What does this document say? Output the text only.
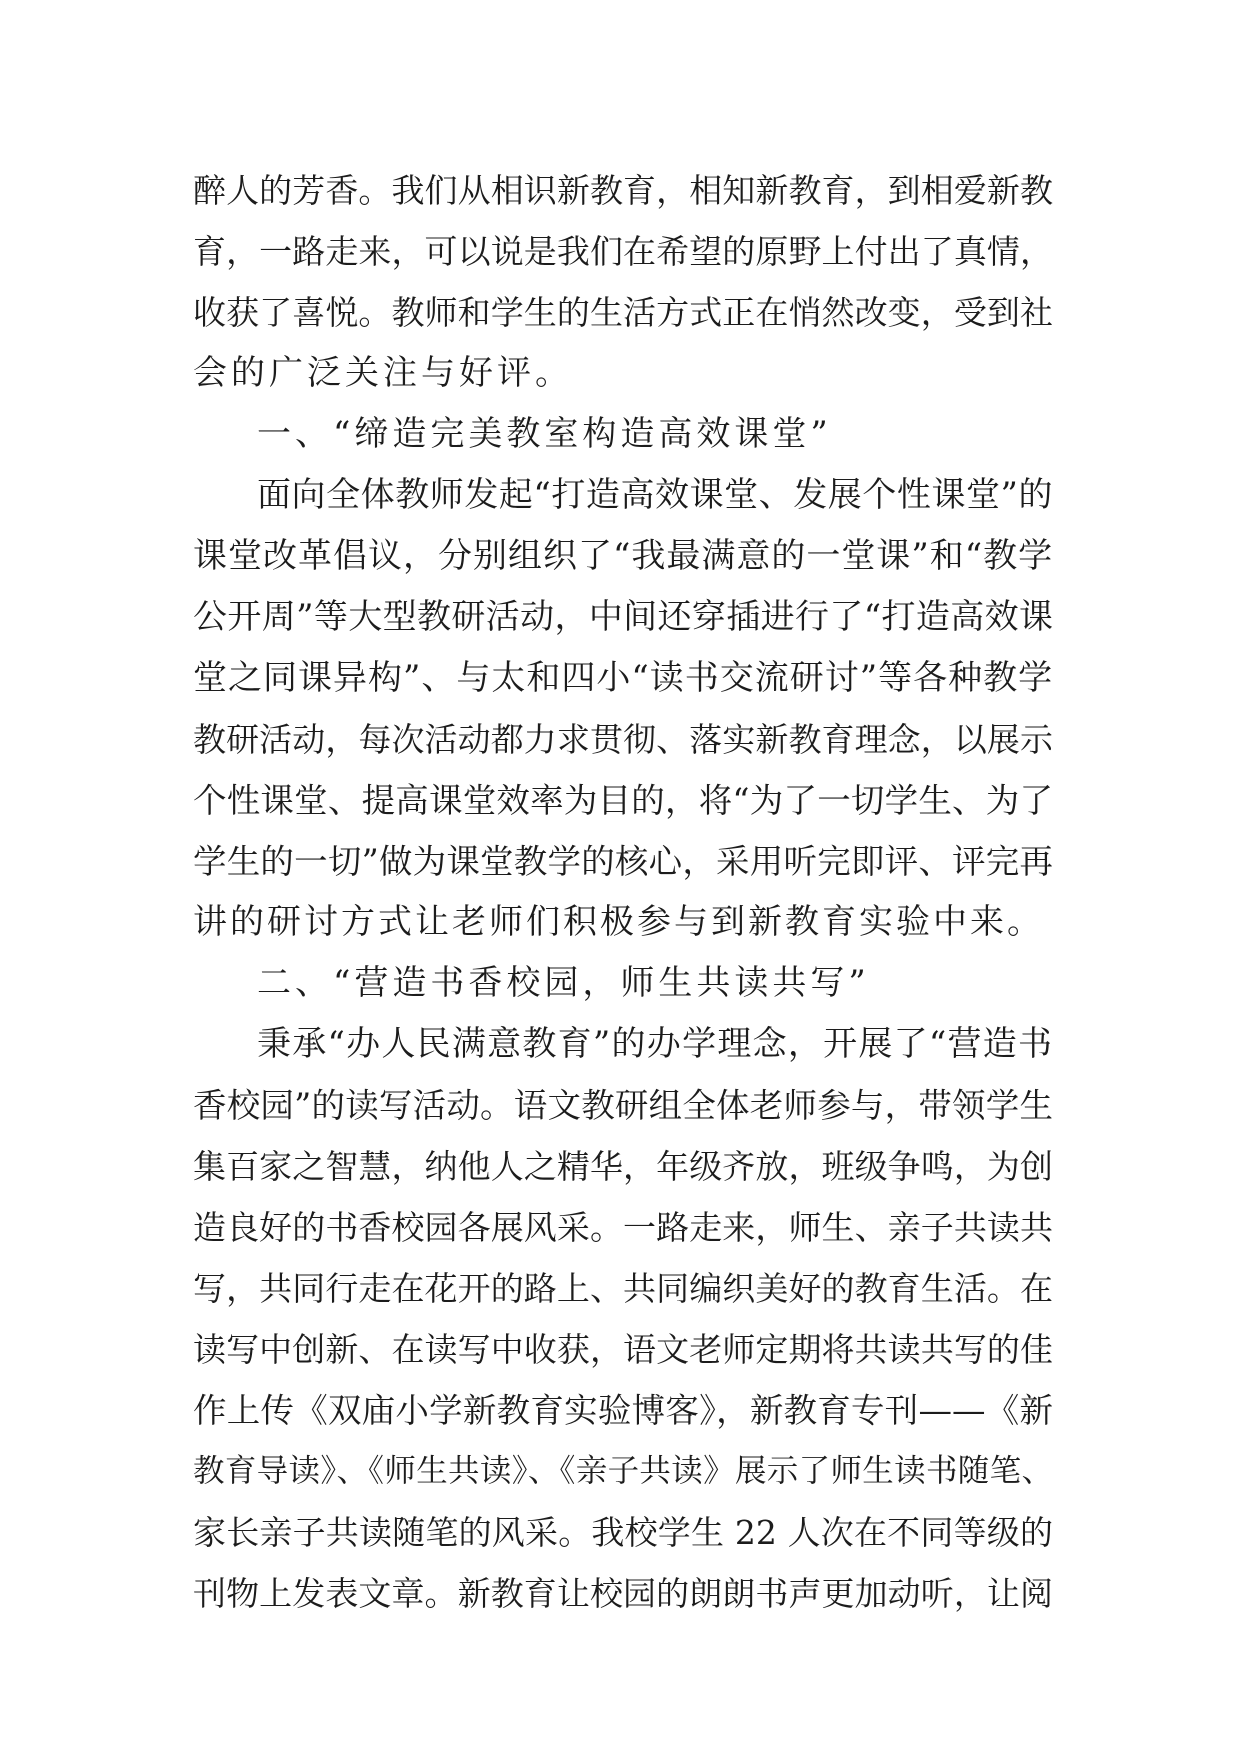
醉人的芳香。我们从相识新教育，相知新教育，到相爱新教

育，一路走来，可以说是我们在希望的原野上付出了真情，

收获了喜悦。教师和学生的生活方式正在悄然改变，受到社

会的广泛关注与好评。

一、“缔造完美教室构造高效课堂”

面向全体教师发起“打造高效课堂、发展个性课堂”的

课堂改革倡议，分别组织了“我最满意的一堂课”和“教学

公开周”等大型教研活动，中间还穿插进行了“打造高效课

堂之同课异构”、与太和四小“读书交流研讨”等各种教学

教研活动，每次活动都力求贯彻、落实新教育理念，以展示

个性课堂、提高课堂效率为目的，将“为了一切学生、为了

学生的一切”做为课堂教学的核心，采用听完即评、评完再

讲的研讨方式让老师们积极参与到新教育实验中来。

二、“营造书香校园，师生共读共写”

秉承“办人民满意教育”的办学理念，开展了“营造书

香校园”的读写活动。语文教研组全体老师参与，带领学生

集百家之智慧，纳他人之精华，年级齐放，班级争鸣，为创

造良好的书香校园各展风采。一路走来，师生、亲子共读共

写，共同行走在花开的路上、共同编织美好的教育生活。在

读写中创新、在读写中收获，语文老师定期将共读共写的佳

作上传《双庙小学新教育实验博客》，新教育专刊——《新

教育导读》、《师生共读》、《亲子共读》展示了师生读书随笔、

家长亲子共读随笔的风采。我校学生 22 人次在不同等级的

刊物上发表文章。新教育让校园的朗朗书声更加动听，让阅
